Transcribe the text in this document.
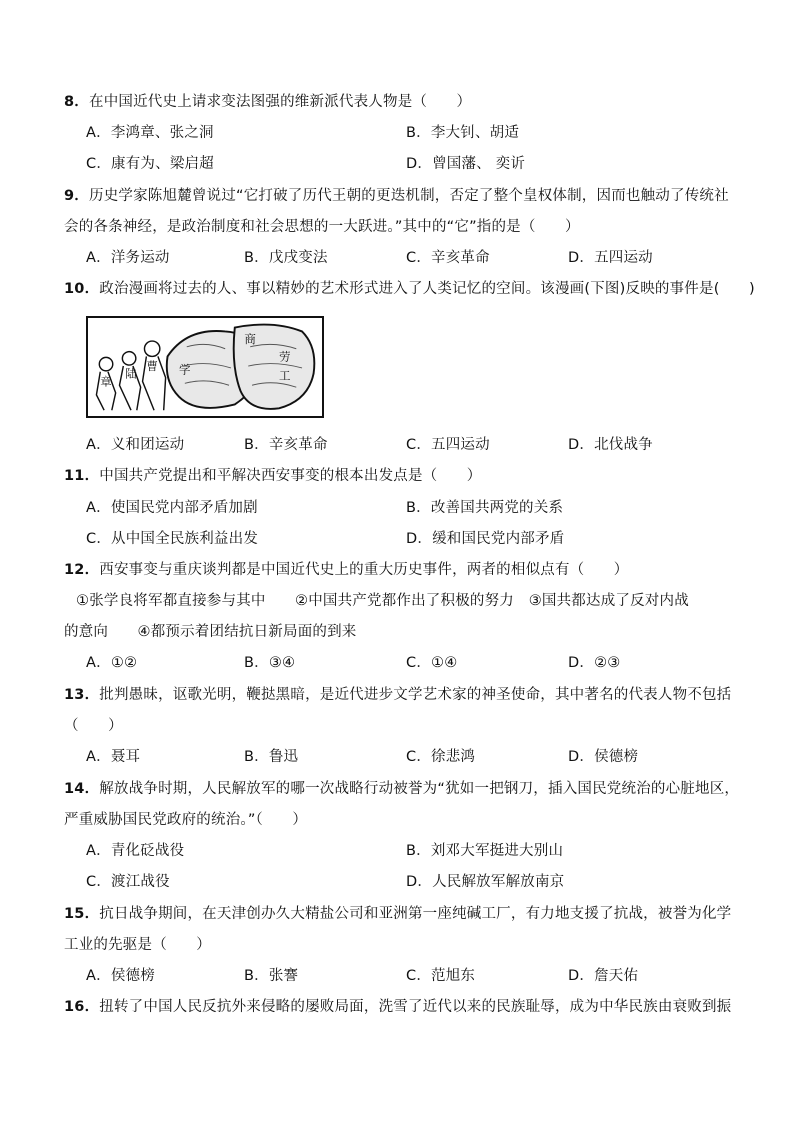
8．在中国近代史上请求变法图强的维新派代表人物是（　　）
A．李鸿章、张之洞	B．李大钊、胡适
C．康有为、梁启超	D．曾国藩、 奕䜣
9．历史学家陈旭麓曾说过“它打破了历代王朝的更迭机制，否定了整个皇权体制，因而也触动了传统社
会的各条神经，是政治制度和社会思想的一大跃进。”其中的“它”指的是（　　）
A．洋务运动	B．戊戌变法	C．辛亥革命	D．五四运动
10．政治漫画将过去的人、事以精妙的艺术形式进入了人类记忆的空间。该漫画(下图)反映的事件是(　　)
章
陆
曹 学
商
劳
工
A．义和团运动	B．辛亥革命	C．五四运动	D．北伐战争
11．中国共产党提出和平解决西安事变的根本出发点是（　　）
A．使国民党内部矛盾加剧	B．改善国共两党的关系
C．从中国全民族利益出发	D．缓和国民党内部矛盾
12．西安事变与重庆谈判都是中国近代史上的重大历史事件，两者的相似点有（　　）
①张学良将军都直接参与其中　　②中国共产党都作出了积极的努力　③国共都达成了反对内战
的意向　　④都预示着团结抗日新局面的到来
A．①②	B．③④	C．①④	D．②③
13．批判愚昧，讴歌光明，鞭挞黑暗，是近代进步文学艺术家的神圣使命，其中著名的代表人物不包括
（　　）
A．聂耳	B．鲁迅	C．徐悲鸿	D．侯德榜
14．解放战争时期，人民解放军的哪一次战略行动被誉为“犹如一把钢刀，插入国民党统治的心脏地区，
严重威胁国民党政府的统治。”（　　）
A．青化砭战役	B．刘邓大军挺进大别山
C．渡江战役	D．人民解放军解放南京
15．抗日战争期间，在天津创办久大精盐公司和亚洲第一座纯碱工厂，有力地支援了抗战，被誉为化学
工业的先驱是（　　）
A．侯德榜	B．张謇	C．范旭东	D．詹天佑
16．扭转了中国人民反抗外来侵略的屡败局面，洗雪了近代以来的民族耻辱，成为中华民族由衰败到振
